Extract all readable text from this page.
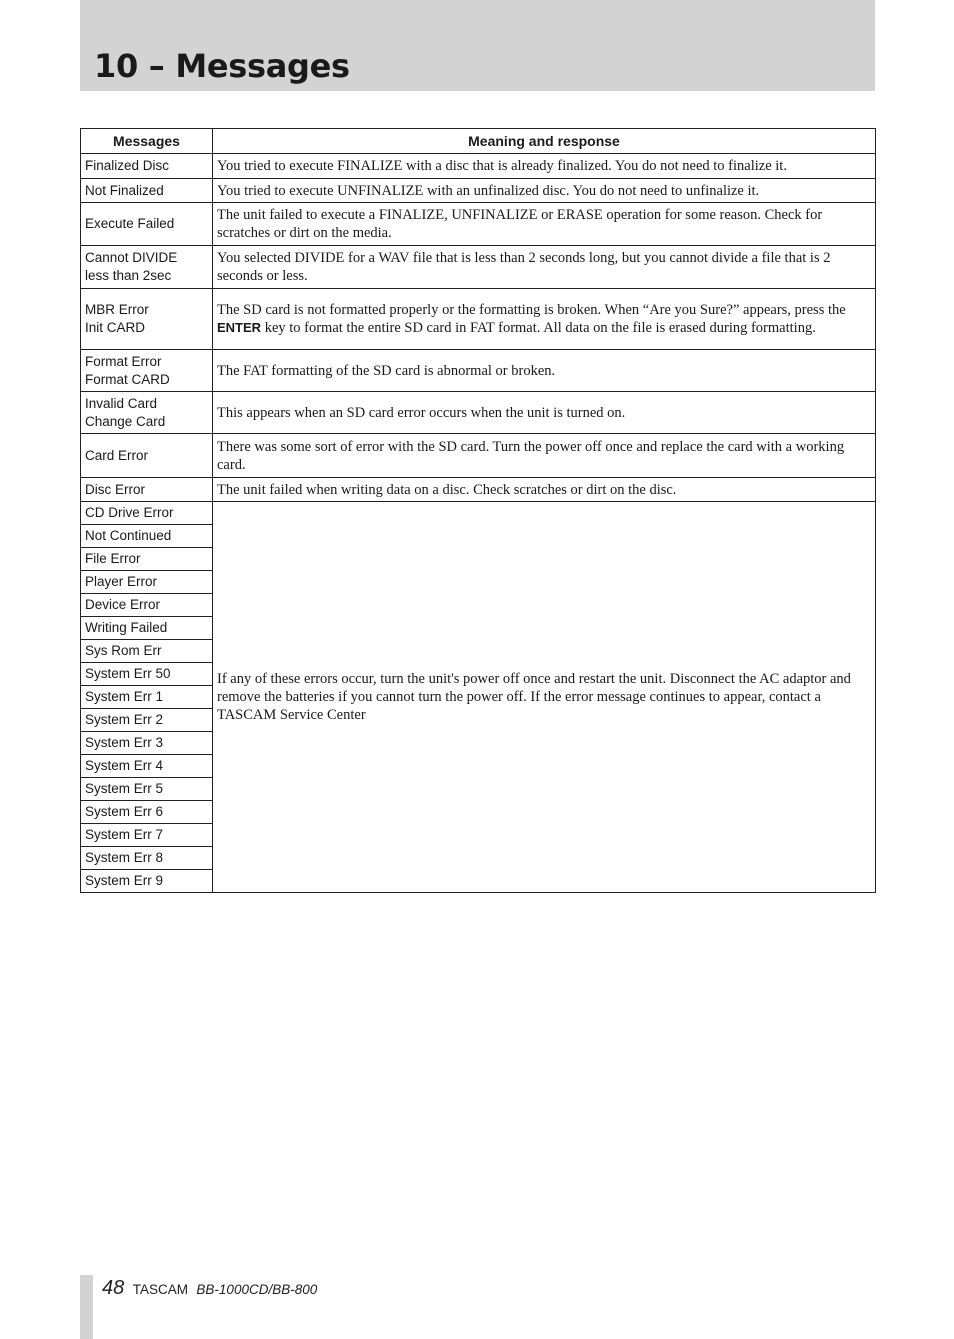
10 – Messages
Messages	Meaning and response
Finalized Disc	You tried to execute FINALIZE with a disc that is already finalized. You do not need to finalize it.
Not Finalized	You tried to execute UNFINALIZE with an unfinalized disc. You do not need to unfinalize it.
Execute Failed	The unit failed to execute a FINALIZE, UNFINALIZE or ERASE operation for some reason. Check for scratches or dirt on the media.
Cannot DIVIDE
less than 2sec	You selected DIVIDE for a WAV file that is less than 2 seconds long, but you cannot divide a file that is 2 seconds or less.
MBR Error
Init CARD	The SD card is not formatted properly or the formatting is broken. When “Are you Sure?” appears, press the ENTER key to format the entire SD card in FAT format. All data on the file is erased during formatting.
Format Error
Format CARD	The FAT formatting of the SD card is abnormal or broken.
Invalid Card
Change Card	This appears when an SD card error occurs when the unit is turned on.
Card Error	There was some sort of error with the SD card. Turn the power off once and replace the card with a working card.
Disc Error	The unit failed when writing data on a disc. Check scratches or dirt on the disc.
CD Drive Error	If any of these errors occur, turn the unit's power off once and restart the unit. Disconnect the AC adaptor and remove the batteries if you cannot turn the power off. If the error message continues to appear, contact a TASCAM Service Center
Not Continued	
File Error	
Player Error	
Device Error	
Writing Failed	
Sys Rom Err	
System Err 50	
System Err 1	
System Err 2	
System Err 3	
System Err 4	
System Err 5	
System Err 6	
System Err 7	
System Err 8	
System Err 9	
48 TASCAM BB-1000CD/BB-800
